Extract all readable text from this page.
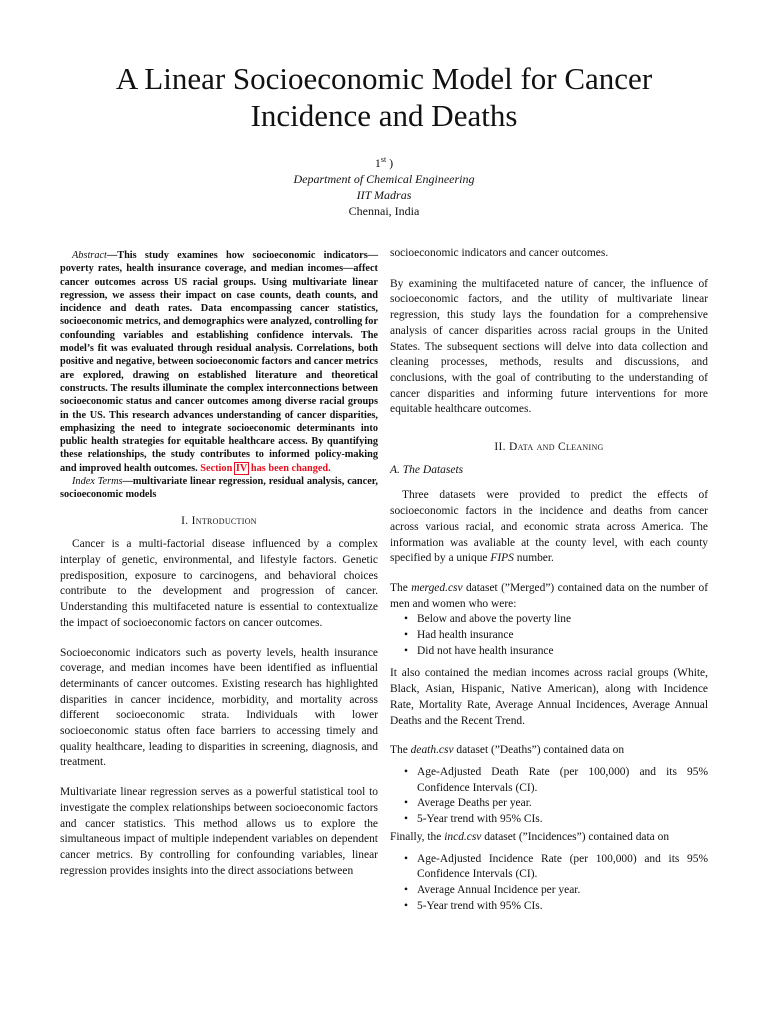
A Linear Socioeconomic Model for Cancer Incidence and Deaths
1st )
Department of Chemical Engineering
IIT Madras
Chennai, India

Abstract—This study examines how socioeconomic indicators—poverty rates, health insurance coverage, and median incomes—affect cancer outcomes across US racial groups. Using multivariate linear regression, we assess their impact on case counts, death counts, and incidence and death rates. Data encompassing cancer statistics, socioeconomic metrics, and demographics were analyzed, controlling for confounding variables and establishing confidence intervals. The model’s fit was evaluated through residual analysis. Correlations, both positive and negative, between socioeconomic factors and cancer metrics are explored, drawing on established literature and theoretical constructs. The results illuminate the complex interconnections between socioeconomic status and cancer outcomes among diverse racial groups in the US. This research advances understanding of cancer disparities, emphasizing the need to integrate socioeconomic determinants into public health strategies for equitable healthcare access. By quantifying these relationships, the study contributes to informed policy-making and improved health outcomes. Section IV has been changed.

Index Terms—multivariate linear regression, residual analysis, cancer, socioeconomic models

I. Introduction

Cancer is a multi-factorial disease influenced by a complex interplay of genetic, environmental, and lifestyle factors. Genetic predisposition, exposure to carcinogens, and behavioral choices contribute to the development and progression of cancer. Understanding this multifaceted nature is essential to contextualize the impact of socioeconomic factors on cancer outcomes.

Socioeconomic indicators such as poverty levels, health insurance coverage, and median incomes have been identified as influential determinants of cancer outcomes. Existing research has highlighted disparities in cancer incidence, morbidity, and mortality across different socioeconomic strata. Individuals with lower socioeconomic status often face barriers to accessing timely and quality healthcare, leading to disparities in screening, diagnosis, and treatment.

Multivariate linear regression serves as a powerful statistical tool to investigate the complex relationships between socioeconomic factors and cancer statistics. This method allows us to explore the simultaneous impact of multiple independent variables on dependent cancer metrics. By controlling for confounding variables, linear regression provides insights into the direct associations between

socioeconomic indicators and cancer outcomes.

By examining the multifaceted nature of cancer, the influence of socioeconomic factors, and the utility of multivariate linear regression, this study lays the foundation for a comprehensive analysis of cancer disparities across racial groups in the United States. The subsequent sections will delve into data collection and cleaning processes, methods, results and discussions, and conclusions, with the goal of contributing to the understanding of cancer disparities and informing future interventions for more equitable healthcare outcomes.

II. Data and Cleaning

A. The Datasets

Three datasets were provided to predict the effects of socioeconomic factors in the incidence and deaths from cancer across various racial, and economic strata across America. The information was avaliable at the county level, with each county specified by a unique FIPS number.

The merged.csv dataset (”Merged”) contained data on the number of men and women who were:

• Below and above the poverty line
• Had health insurance
• Did not have health insurance

It also contained the median incomes across racial groups (White, Black, Asian, Hispanic, Native American), along with Incidence Rate, Mortality Rate, Average Annual Incidences, Average Annual Deaths and the Recent Trend.

The death.csv dataset (”Deaths”) contained data on

• Age-Adjusted Death Rate (per 100,000) and its 95% Confidence Intervals (CI).
• Average Deaths per year.
• 5-Year trend with 95% CIs.

Finally, the incd.csv dataset (”Incidences”) contained data on

• Age-Adjusted Incidence Rate (per 100,000) and its 95% Confidence Intervals (CI).
• Average Annual Incidence per year.
• 5-Year trend with 95% CIs.
